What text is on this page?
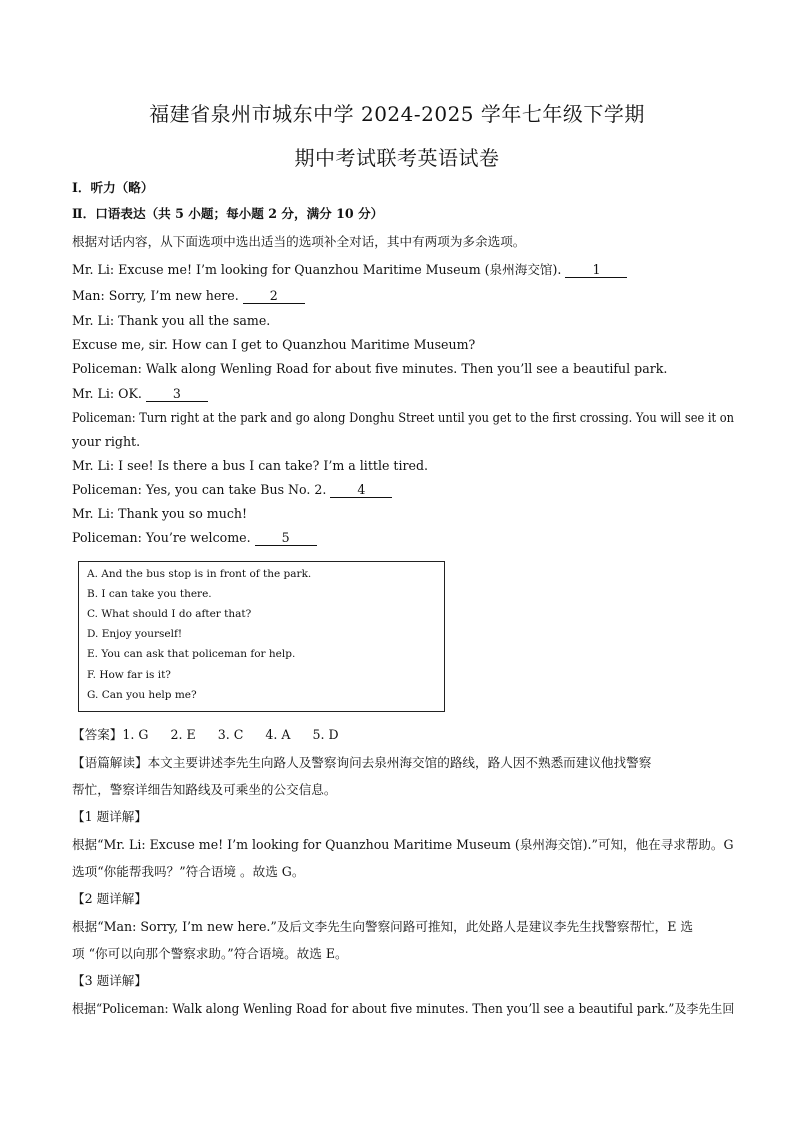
福建省泉州市城东中学 2024-2025 学年七年级下学期
期中考试联考英语试卷
Ⅰ．听力（略）
Ⅱ．口语表达（共 5 小题；每小题 2 分，满分 10 分）
根据对话内容，从下面选项中选出适当的选项补全对话，其中有两项为多余选项。
Mr. Li: Excuse me! I’m looking for Quanzhou Maritime Museum (泉州海交馆). 1
Man: Sorry, I’m new here. 2
Mr. Li: Thank you all the same.
Excuse me, sir. How can I get to Quanzhou Maritime Museum?
Policeman: Walk along Wenling Road for about five minutes. Then you’ll see a beautiful park.
Mr. Li: OK. 3
Policeman: Turn right at the park and go along Donghu Street until you get to the first crossing. You will see it on
your right.
Mr. Li: I see! Is there a bus I can take? I’m a little tired.
Policeman: Yes, you can take Bus No. 2. 4
Mr. Li: Thank you so much!
Policeman: You’re welcome. 5
A. And the bus stop is in front of the park.
B. I can take you there.
C. What should I do after that?
D. Enjoy yourself!
E. You can ask that policeman for help.
F. How far is it?
G. Can you help me?
【答案】1. G 2. E 3. C 4. A 5. D
【语篇解读】本文主要讲述李先生向路人及警察询问去泉州海交馆的路线，路人因不熟悉而建议他找警察
帮忙，警察详细告知路线及可乘坐的公交信息。
【1 题详解】
根据“Mr. Li: Excuse me! I’m looking for Quanzhou Maritime Museum (泉州海交馆).”可知，他在寻求帮助。G
选项“你能帮我吗？”符合语境 。故选 G。
【2 题详解】
根据“Man: Sorry, I’m new here.”及后文李先生向警察问路可推知，此处路人是建议李先生找警察帮忙，E 选
项 “你可以向那个警察求助。”符合语境。故选 E。
【3 题详解】
根据“Policeman: Walk along Wenling Road for about five minutes. Then you’ll see a beautiful park.”及李先生回
